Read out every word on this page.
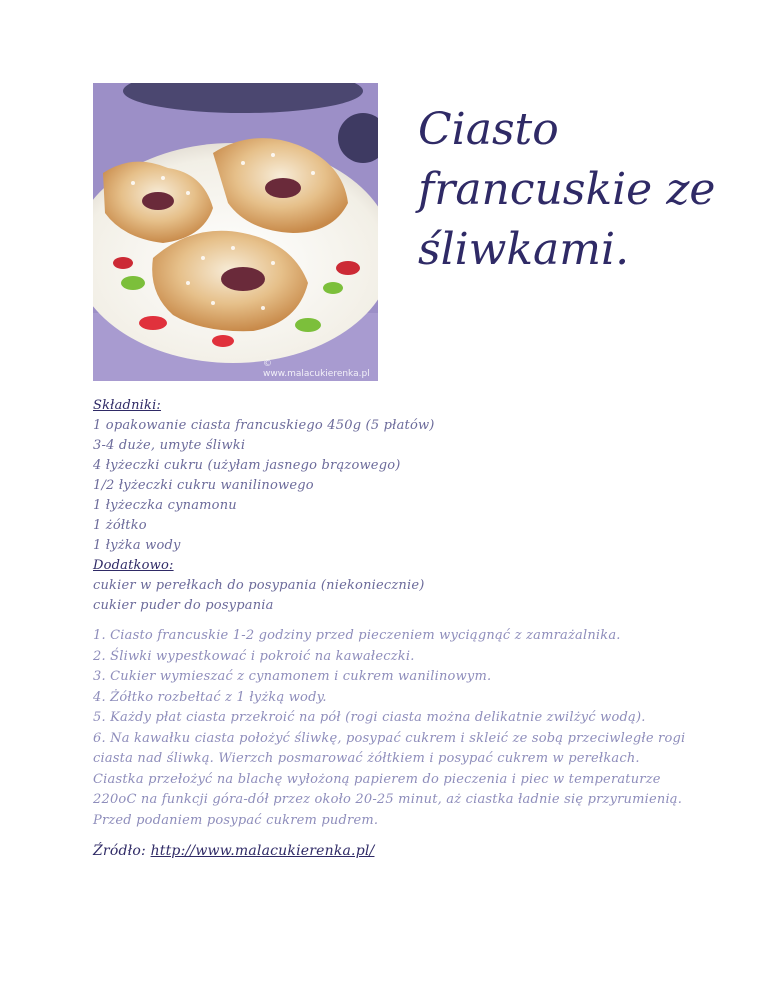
© www.malacukierenka.pl
Ciasto francuskie ze śliwkami.
Składniki:
1 opakowanie ciasta francuskiego 450g (5 płatów)
3-4 duże, umyte śliwki
4 łyżeczki cukru (użyłam jasnego brązowego)
1/2 łyżeczki cukru wanilinowego
1 łyżeczka cynamonu
1 żółtko
1 łyżka wody
Dodatkowo:
cukier w perełkach do posypania (niekoniecznie)
cukier puder do posypania
1. Ciasto francuskie 1-2 godziny przed pieczeniem wyciągnąć z zamrażalnika.
2. Śliwki wypestkować i pokroić na kawałeczki.
3. Cukier wymieszać z cynamonem i cukrem wanilinowym.
4. Żółtko rozbełtać z 1 łyżką wody.
5. Każdy płat ciasta przekroić na pół (rogi ciasta można delikatnie zwilżyć wodą).
6. Na kawałku ciasta położyć śliwkę, posypać cukrem i skleić ze sobą przeciwległe rogi ciasta nad śliwką. Wierzch posmarować żółtkiem i posypać cukrem w perełkach. Ciastka przełożyć na blachę wyłożoną papierem do pieczenia i piec w temperaturze 220oC na funkcji góra-dół przez około 20-25 minut, aż ciastka ładnie się przyrumienią. Przed podaniem posypać cukrem pudrem.
Źródło: http://www.malacukierenka.pl/
